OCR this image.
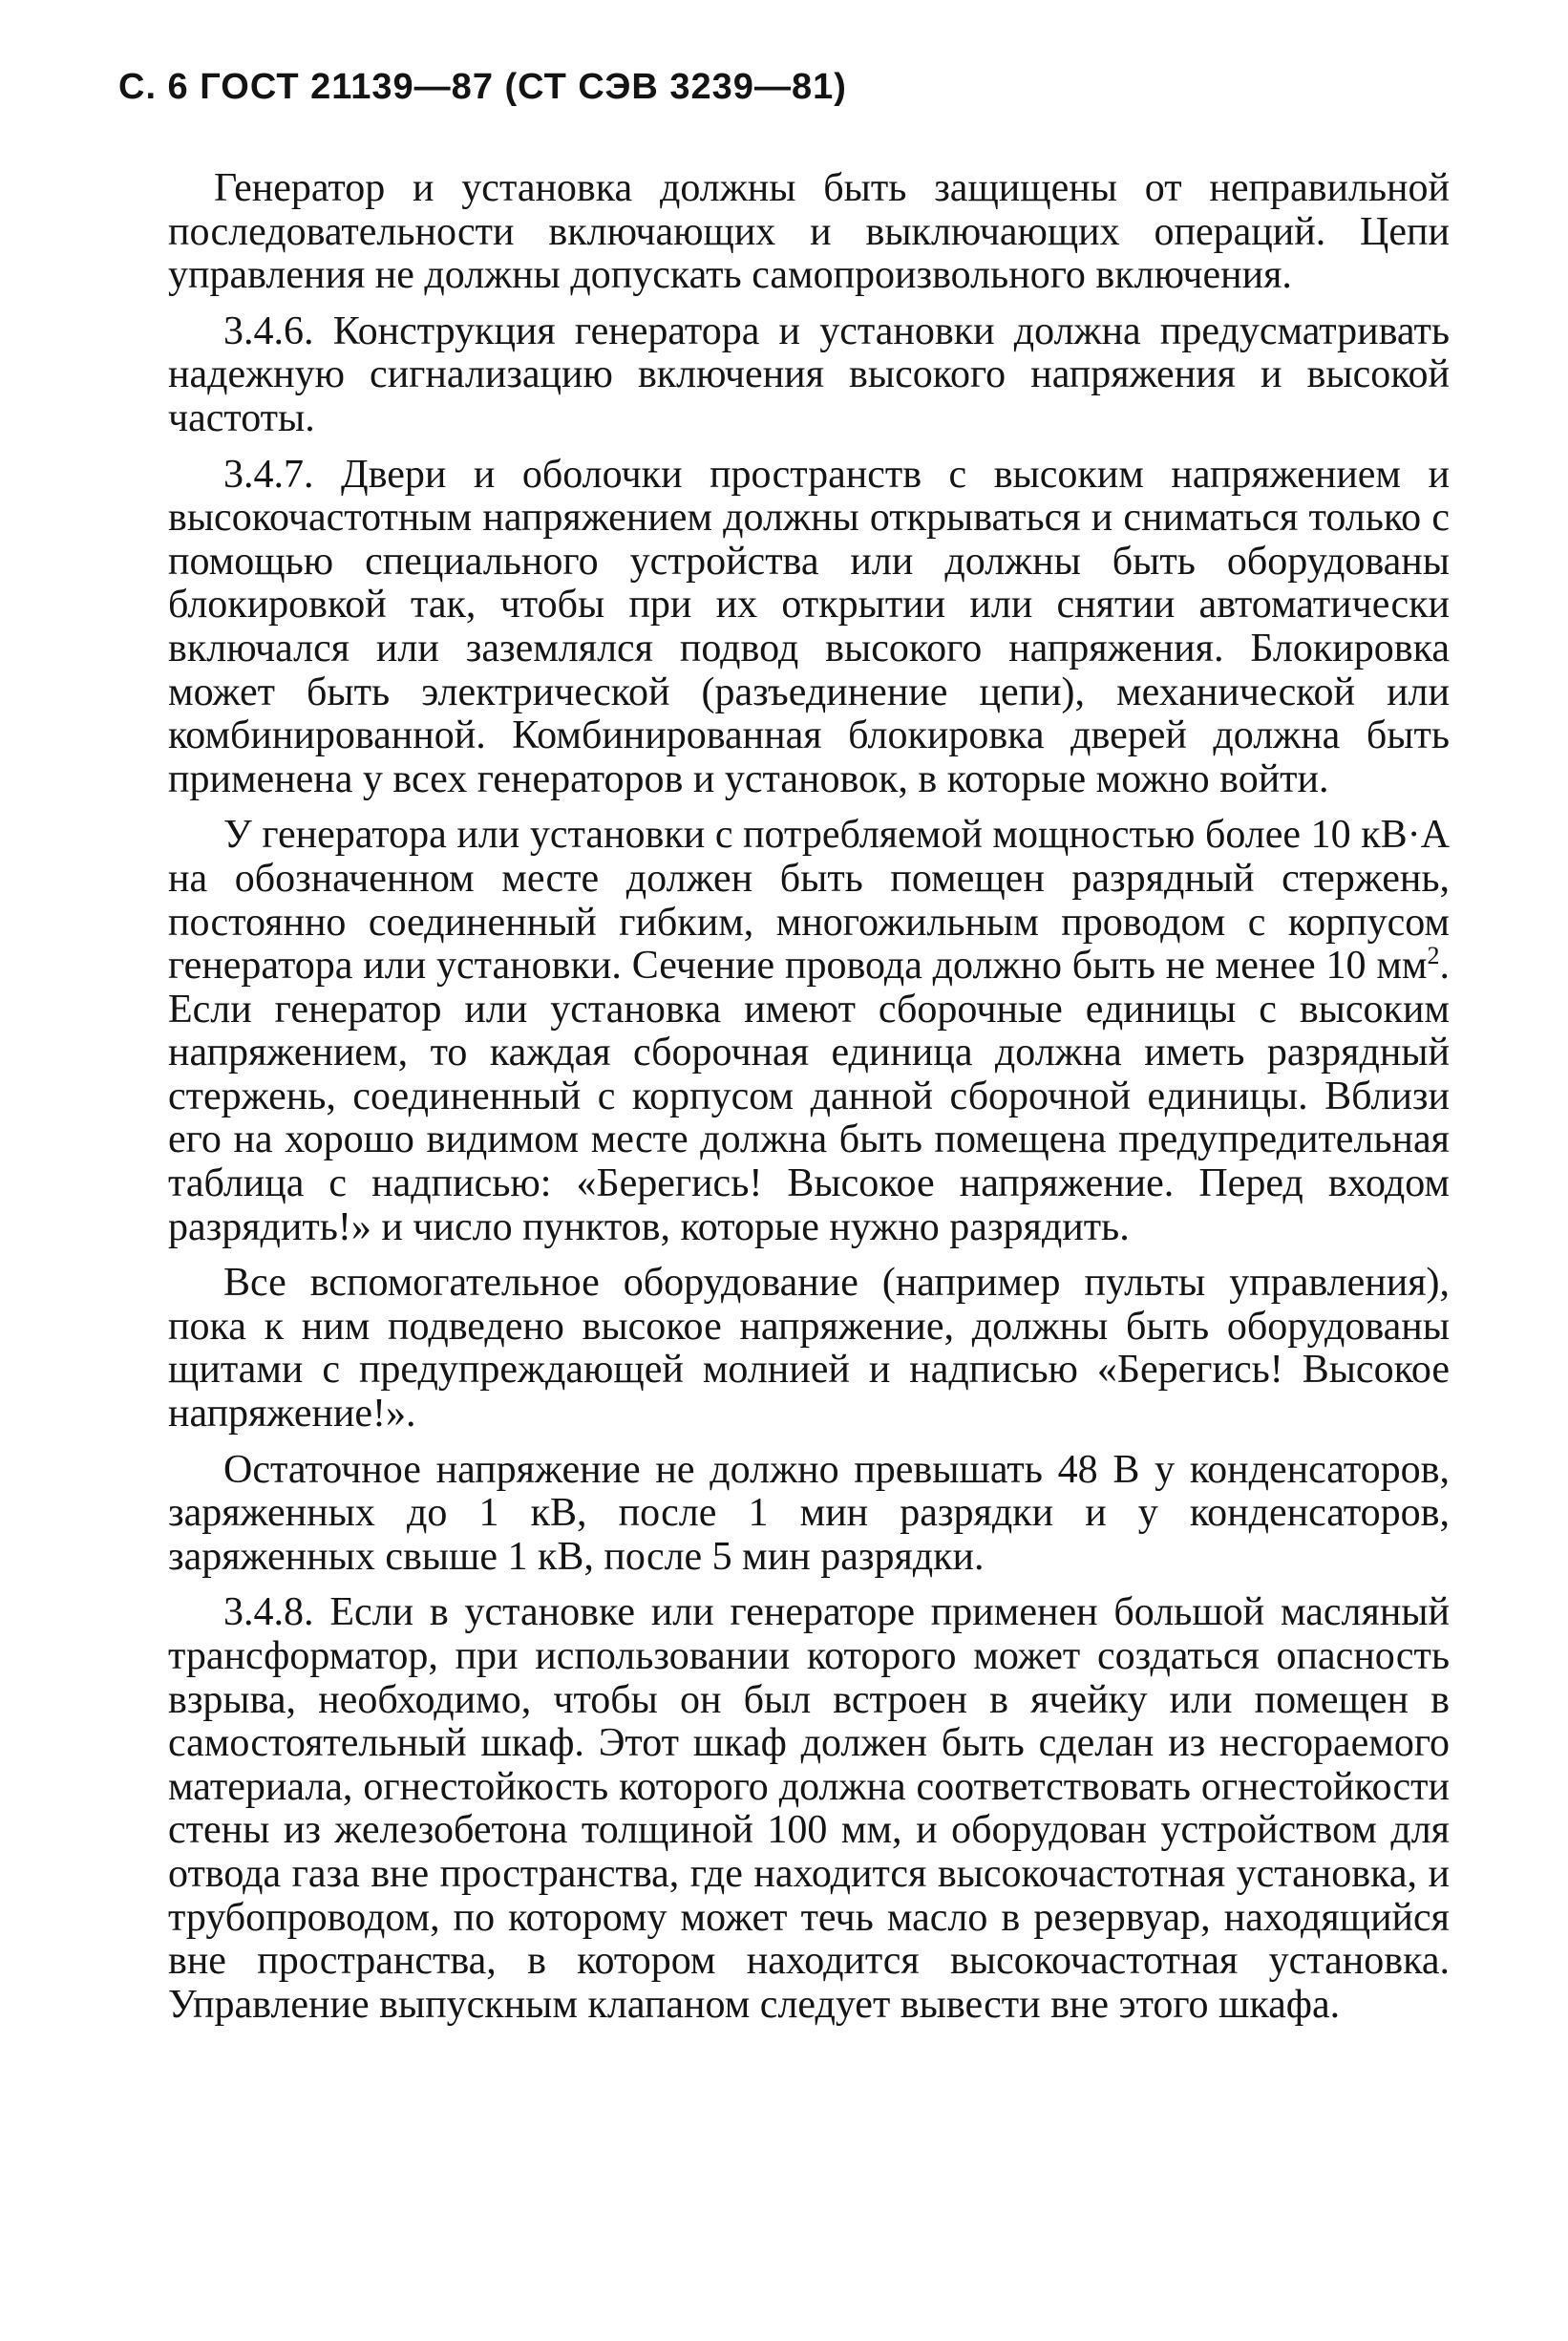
С. 6 ГОСТ 21139—87 (СТ СЭВ 3239—81)

Генератор и установка должны быть защищены от неправильной последовательности включающих и выключающих операций. Цепи управления не должны допускать самопроизвольного включения.

3.4.6. Конструкция генератора и установки должна предусматривать надежную сигнализацию включения высокого напряжения и высокой частоты.

3.4.7. Двери и оболочки пространств с высоким напряжением и высокочастотным напряжением должны открываться и сниматься только с помощью специального устройства или должны быть оборудованы блокировкой так, чтобы при их открытии или снятии автоматически включался или заземлялся подвод высокого напряжения. Блокировка может быть электрической (разъединение цепи), механической или комбинированной. Комбинированная блокировка дверей должна быть применена у всех генераторов и установок, в которые можно войти.

У генератора или установки с потребляемой мощностью более 10 кВ·А на обозначенном месте должен быть помещен разрядный стержень, постоянно соединенный гибким, многожильным проводом с корпусом генератора или установки. Сечение провода должно быть не менее 10 $мм^2$. Если генератор или установка имеют сборочные единицы с высоким напряжением, то каждая сборочная единица должна иметь разрядный стержень, соединенный с корпусом данной сборочной единицы. Вблизи его на хорошо видимом месте должна быть помещена предупредительная таблица с надписью: «Берегись! Высокое напряжение. Перед входом разрядить!» и число пунктов, которые нужно разрядить.

Все вспомогательное оборудование (например пульты управления), пока к ним подведено высокое напряжение, должны быть оборудованы щитами с предупреждающей молнией и надписью «Берегись! Высокое напряжение!».

Остаточное напряжение не должно превышать 48 В у конденсаторов, заряженных до 1 кВ, после 1 мин разрядки и у конденсаторов, заряженных свыше 1 кВ, после 5 мин разрядки.

3.4.8. Если в установке или генераторе применен большой масляный трансформатор, при использовании которого может создаться опасность взрыва, необходимо, чтобы он был встроен в ячейку или помещен в самостоятельный шкаф. Этот шкаф должен быть сделан из несгораемого материала, огнестойкость которого должна соответствовать огнестойкости стены из железобетона толщиной 100 мм, и оборудован устройством для отвода газа вне пространства, где находится высокочастотная установка, и трубопроводом, по которому может течь масло в резервуар, находящийся вне пространства, в котором находится высокочастотная установка. Управление выпускным клапаном следует вывести вне этого шкафа.
